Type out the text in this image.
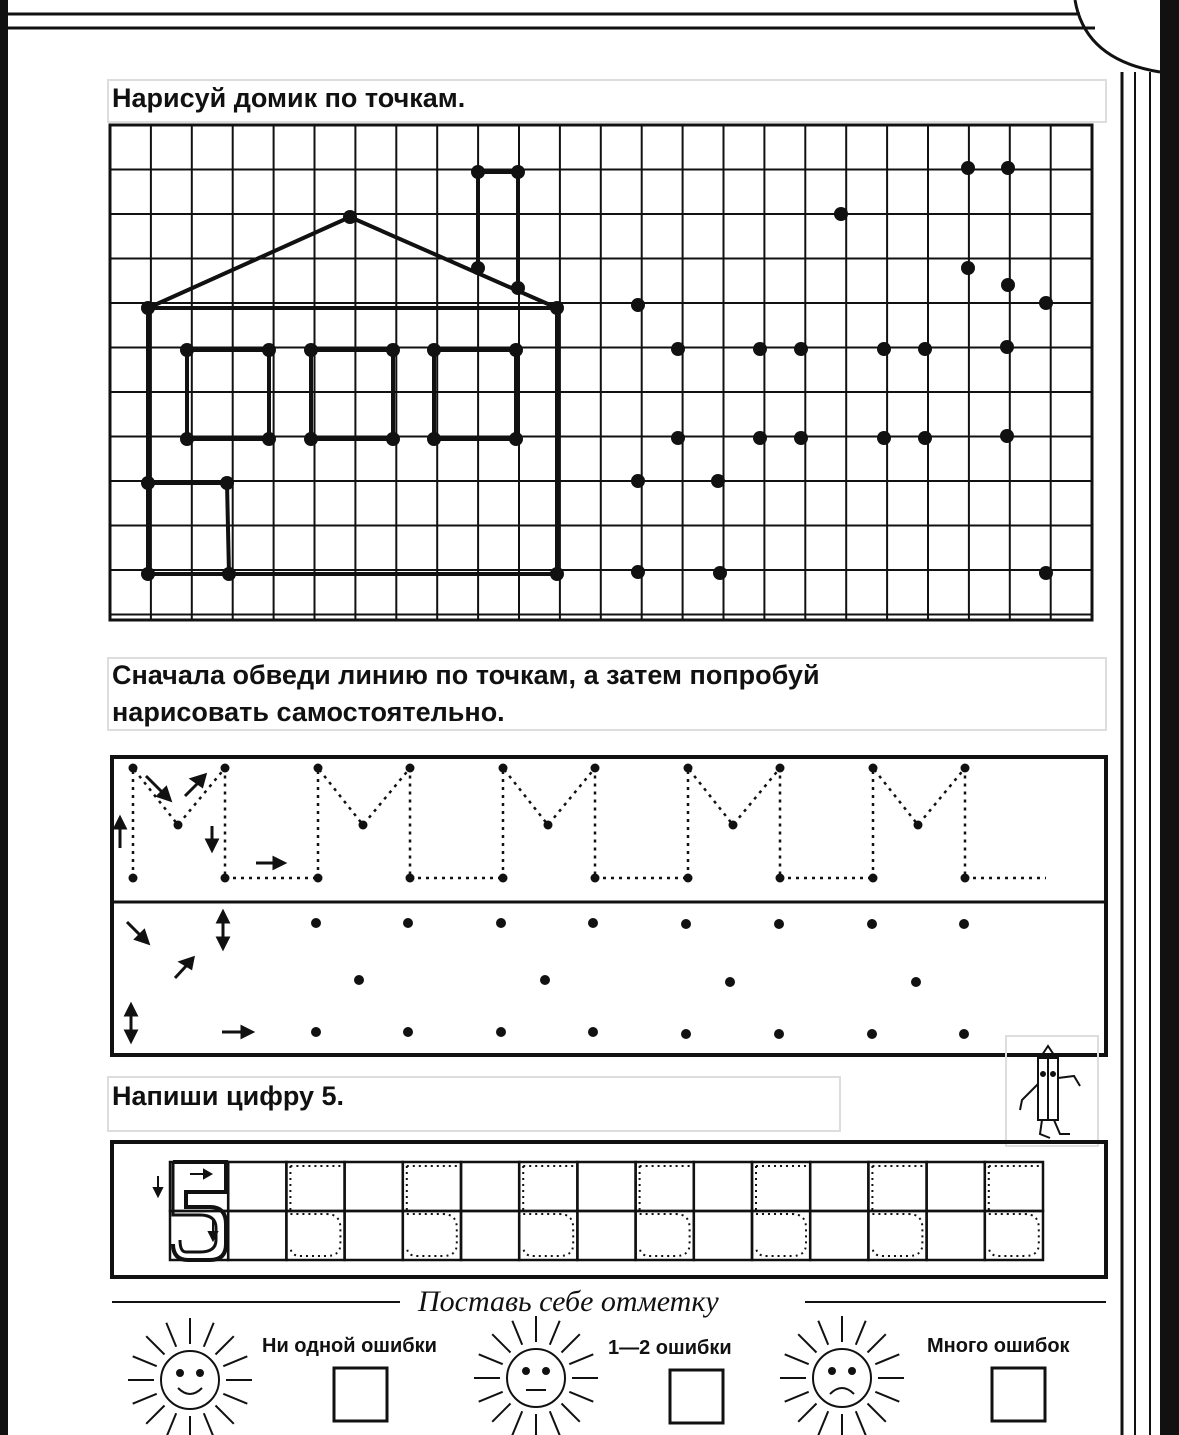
Нарисуй домик по точкам.
Сначала обведи линию по точкам, а затем попробуй
нарисовать самостоятельно.
Напиши цифру 5.
Поставь себе отметку
Ни одной ошибки	1—2 ошибки	Много ошибок
